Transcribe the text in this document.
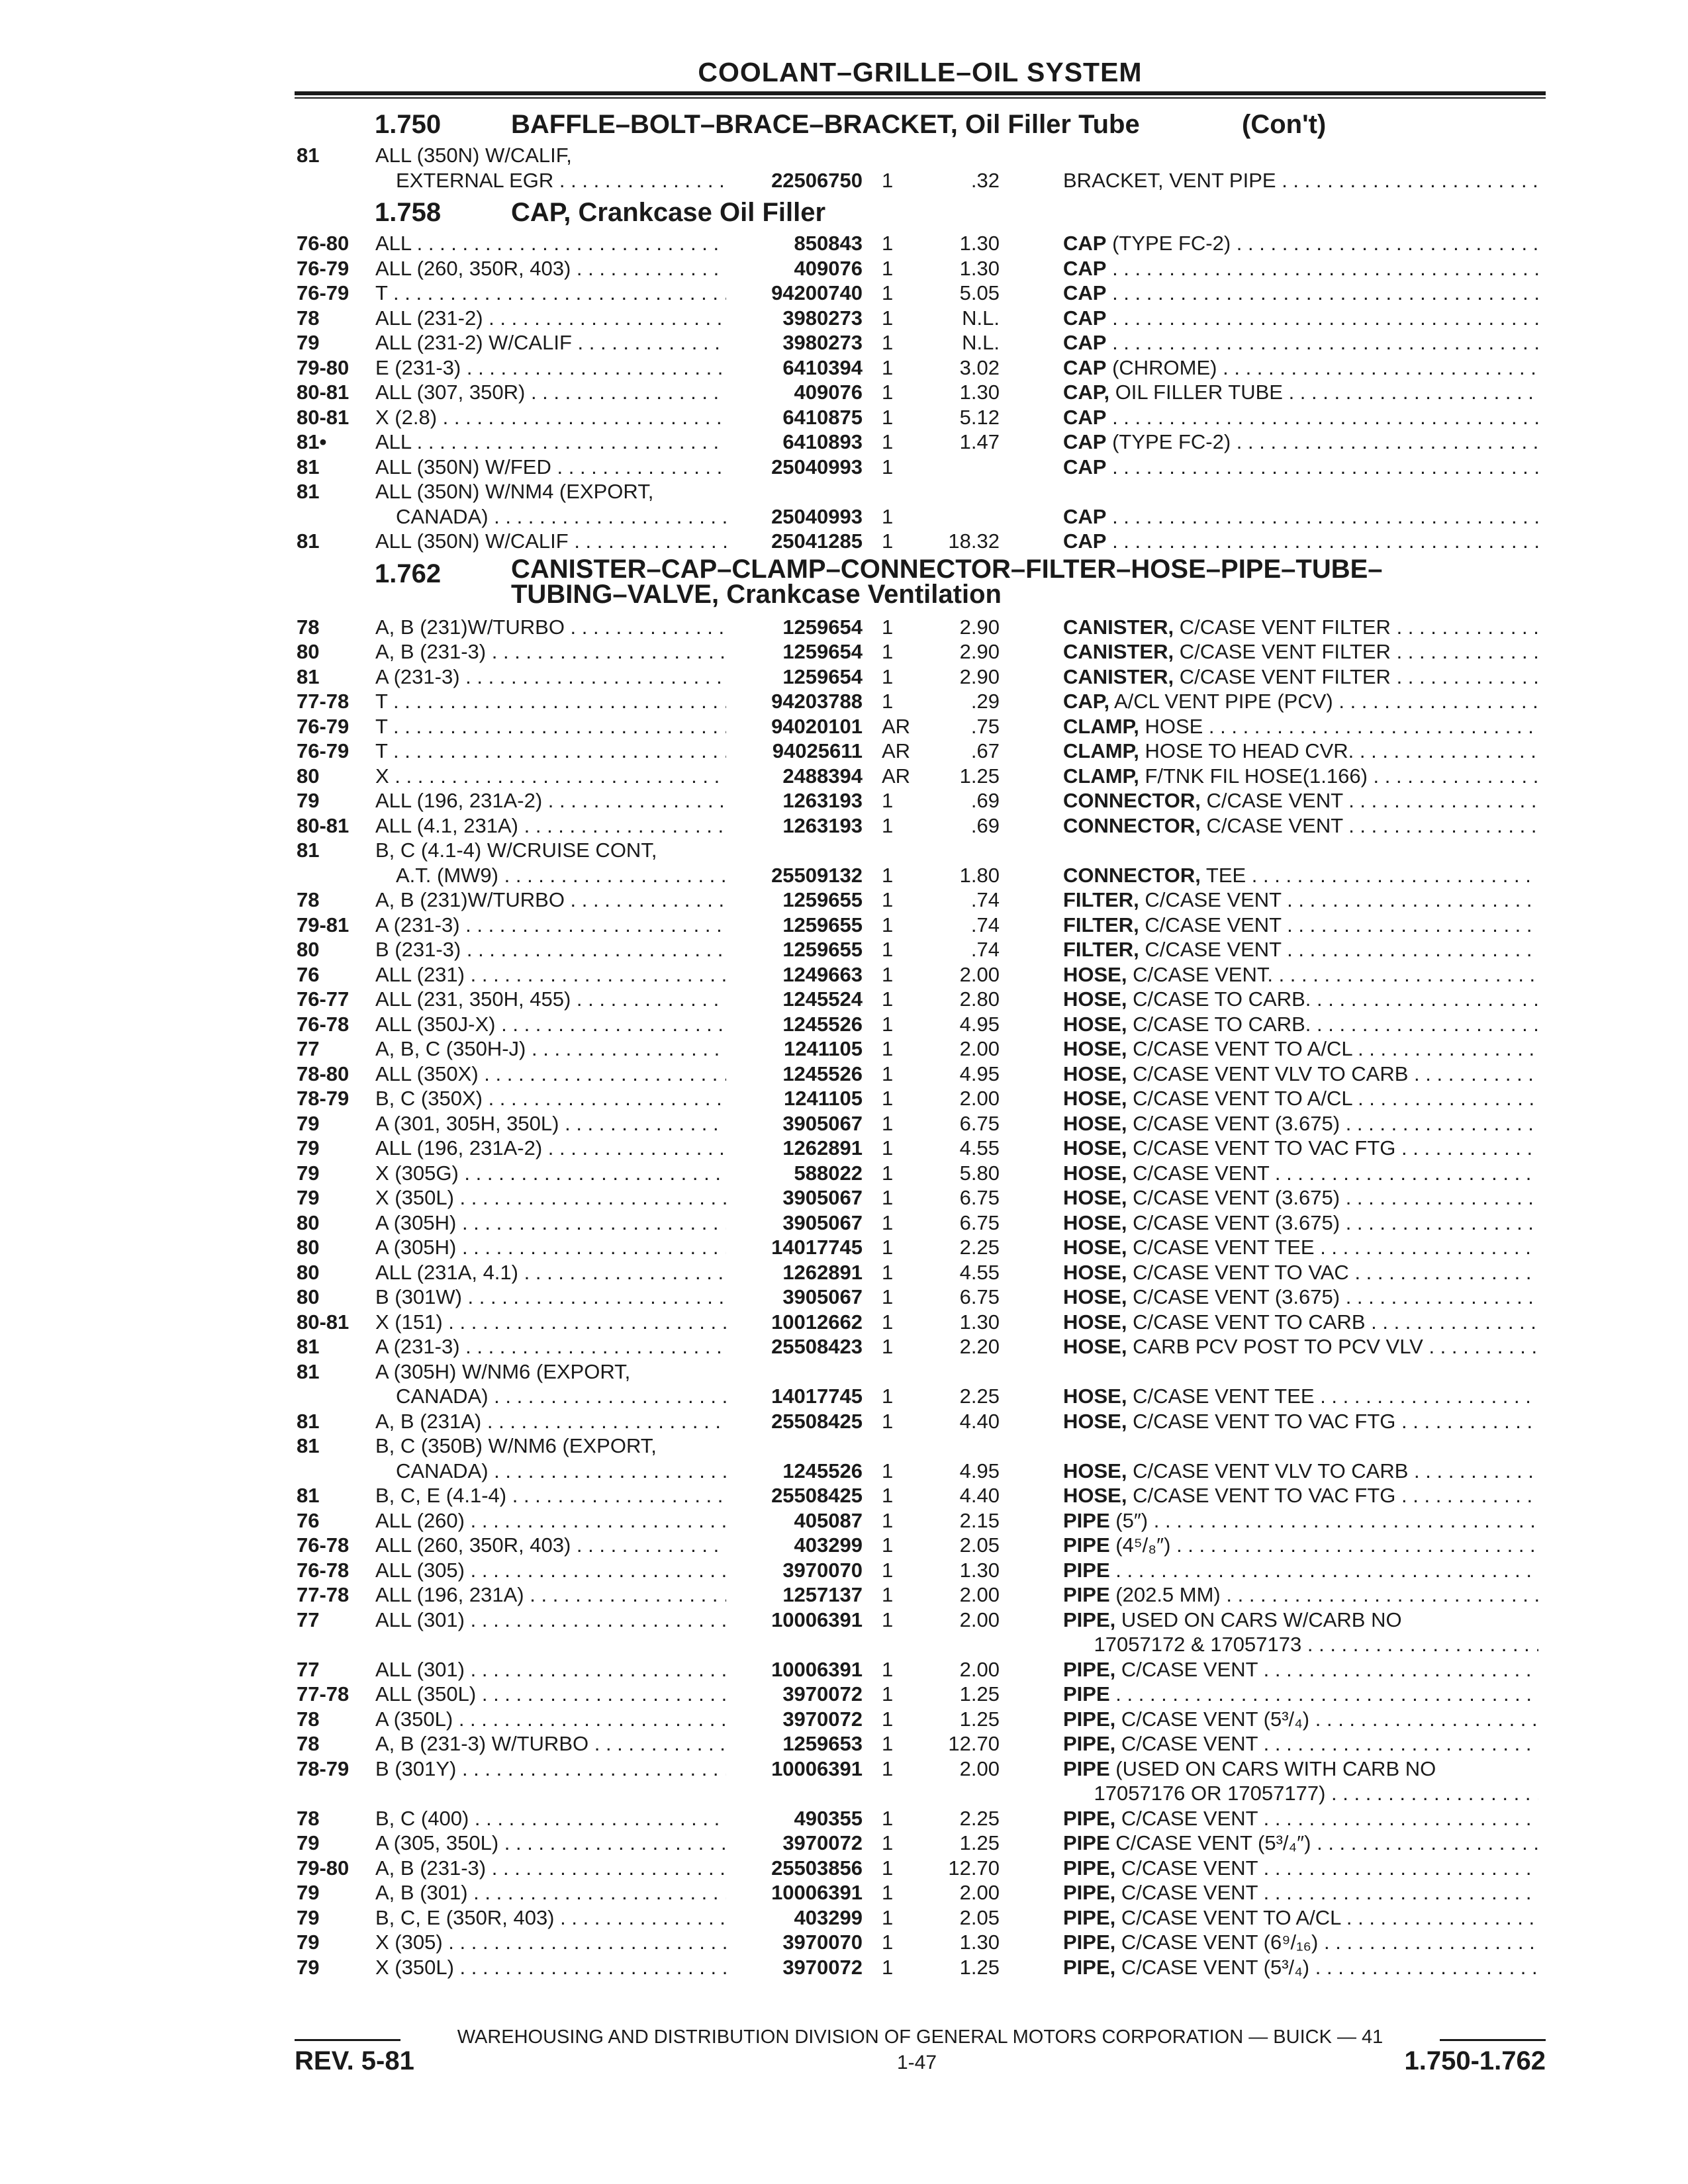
COOLANT–GRILLE–OIL SYSTEM
1.750	BAFFLE–BOLT–BRACE–BRACKET, Oil Filler Tube	(Con't)
81	ALL (350N) W/CALIF,
  EXTERNAL EGR . . .	22506750 1	.32	BRACKET, VENT PIPE . . .
1.758	CAP, Crankcase Oil Filler
76-80 ALL . . .	850843 1	1.30	CAP (TYPE FC-2) . . .
76-79 ALL (260, 350R, 403) . . .	409076 1	1.30	CAP . . .
76-79 T . . .	94200740 1	5.05	CAP . . .
78	ALL (231-2) . . .	3980273 1	N.L.	CAP . . .
79	ALL (231-2) W/CALIF . . .	3980273 1	N.L.	CAP . . .
79-80 E (231-3) . . .	6410394 1	3.02	CAP (CHROME) . . .
80-81 ALL (307, 350R) . . .	409076 1	1.30	CAP, OIL FILLER TUBE . . .
80-81 X (2.8) . . .	6410875 1	5.12	CAP . . .
81• ALL . . .	6410893 1	1.47	CAP (TYPE FC-2) . . .
81	ALL (350N) W/FED . . .	25040993 1	CAP . . .
81	ALL (350N) W/NM4 (EXPORT,
  CANADA) . . .	25040993 1	CAP . . .
81	ALL (350N) W/CALIF . . .	25041285 1	18.32	CAP . . .
1.762	CANISTER–CAP–CLAMP–CONNECTOR–FILTER–HOSE–PIPE–TUBE–
TUBING–VALVE, Crankcase Ventilation
78	A, B (231)W/TURBO . . .	1259654 1	2.90	CANISTER, C/CASE VENT FILTER . . .
80	A, B (231-3) . . .	1259654 1	2.90	CANISTER, C/CASE VENT FILTER . . .
81	A (231-3) . . .	1259654 1	2.90	CANISTER, C/CASE VENT FILTER . . .
77-78 T . . .	94203788 1	.29	CAP, A/CL VENT PIPE (PCV) . . .
76-79 T . . .	94020101 AR	.75	CLAMP, HOSE . . .
76-79 T . . .	94025611 AR	.67	CLAMP, HOSE TO HEAD CVR. . . .
80	X . . .	2488394 AR	1.25	CLAMP, F/TNK FIL HOSE(1.166) . . .
79	ALL (196, 231A-2) . . .	1263193 1	.69	CONNECTOR, C/CASE VENT . . .
80-81 ALL (4.1, 231A) . . .	1263193 1	.69	CONNECTOR, C/CASE VENT . . .
81	B, C (4.1-4) W/CRUISE CONT,
  A.T. (MW9) . . .	25509132 1	1.80	CONNECTOR, TEE . . .
78	A, B (231)W/TURBO . . .	1259655 1	.74	FILTER, C/CASE VENT . . .
79-81 A (231-3) . . .	1259655 1	.74	FILTER, C/CASE VENT . . .
80	B (231-3) . . .	1259655 1	.74	FILTER, C/CASE VENT . . .
76	ALL (231) . . .	1249663 1	2.00	HOSE, C/CASE VENT. . . .
76-77 ALL (231, 350H, 455) . . .	1245524 1	2.80	HOSE, C/CASE TO CARB. . . .
76-78 ALL (350J-X) . . .	1245526 1	4.95	HOSE, C/CASE TO CARB. . . .
77	A, B, C (350H-J) . . .	1241105 1	2.00	HOSE, C/CASE VENT TO A/CL . . .
78-80 ALL (350X) . . .	1245526 1	4.95	HOSE, C/CASE VENT VLV TO CARB . . .
78-79 B, C (350X) . . .	1241105 1	2.00	HOSE, C/CASE VENT TO A/CL . . .
79	A (301, 305H, 350L) . . .	3905067 1	6.75	HOSE, C/CASE VENT (3.675) . . .
79	ALL (196, 231A-2) . . .	1262891 1	4.55	HOSE, C/CASE VENT TO VAC FTG . . .
79	X (305G) . . .	588022 1	5.80	HOSE, C/CASE VENT . . .
79	X (350L) . . .	3905067 1	6.75	HOSE, C/CASE VENT (3.675) . . .
80	A (305H) . . .	3905067 1	6.75	HOSE, C/CASE VENT (3.675) . . .
80	A (305H) . . .	14017745 1	2.25	HOSE, C/CASE VENT TEE . . .
80	ALL (231A, 4.1) . . .	1262891 1	4.55	HOSE, C/CASE VENT TO VAC . . .
80	B (301W) . . .	3905067 1	6.75	HOSE, C/CASE VENT (3.675) . . .
80-81 X (151) . . .	10012662 1	1.30	HOSE, C/CASE VENT TO CARB . . .
81	A (231-3) . . .	25508423 1	2.20	HOSE, CARB PCV POST TO PCV VLV . . .
81	A (305H) W/NM6 (EXPORT,
  CANADA) . . .	14017745 1	2.25	HOSE, C/CASE VENT TEE . . .
81	A, B (231A) . . .	25508425 1	4.40	HOSE, C/CASE VENT TO VAC FTG . . .
81	B, C (350B) W/NM6 (EXPORT,
  CANADA) . . .	1245526 1	4.95	HOSE, C/CASE VENT VLV TO CARB . . .
81	B, C, E (4.1-4) . . .	25508425 1	4.40	HOSE, C/CASE VENT TO VAC FTG . . .
76	ALL (260) . . .	405087 1	2.15	PIPE (5″) . . .
76-78 ALL (260, 350R, 403) . . .	403299 1	2.05	PIPE (4⁵/₈″) . . .
76-78 ALL (305) . . .	3970070 1	1.30	PIPE . . .
77-78 ALL (196, 231A) . . .	1257137 1	2.00	PIPE (202.5 MM) . . .
77	ALL (301) . . .	10006391 1	2.00	PIPE, USED ON CARS W/CARB NO
   17057172 & 17057173 . . .
77	ALL (301) . . .	10006391 1	2.00	PIPE, C/CASE VENT . . .
77-78 ALL (350L) . . .	3970072 1	1.25	PIPE . . .
78	A (350L) . . .	3970072 1	1.25	PIPE, C/CASE VENT (5³/₄) . . .
78	A, B (231-3) W/TURBO . . .	1259653 1	12.70	PIPE, C/CASE VENT . . .
78-79 B (301Y) . . .	10006391 1	2.00	PIPE (USED ON CARS WITH CARB NO
   17057176 OR 17057177) . . .
78	B, C (400) . . .	490355 1	2.25	PIPE, C/CASE VENT . . .
79	A (305, 350L) . . .	3970072 1	1.25	PIPE C/CASE VENT (5³/₄″) . . .
79-80 A, B (231-3) . . .	25503856 1	12.70	PIPE, C/CASE VENT . . .
79	A, B (301) . . .	10006391 1	2.00	PIPE, C/CASE VENT . . .
79	B, C, E (350R, 403) . . .	403299 1	2.05	PIPE, C/CASE VENT TO A/CL . . .
79	X (305) . . .	3970070 1	1.30	PIPE, C/CASE VENT (6⁹/₁₆) . . .
79	X (350L) . . .	3970072 1	1.25	PIPE, C/CASE VENT (5³/₄) . . .
WAREHOUSING AND DISTRIBUTION DIVISION OF GENERAL MOTORS CORPORATION — BUICK — 41
REV. 5-81	1-47	1.750-1.762
